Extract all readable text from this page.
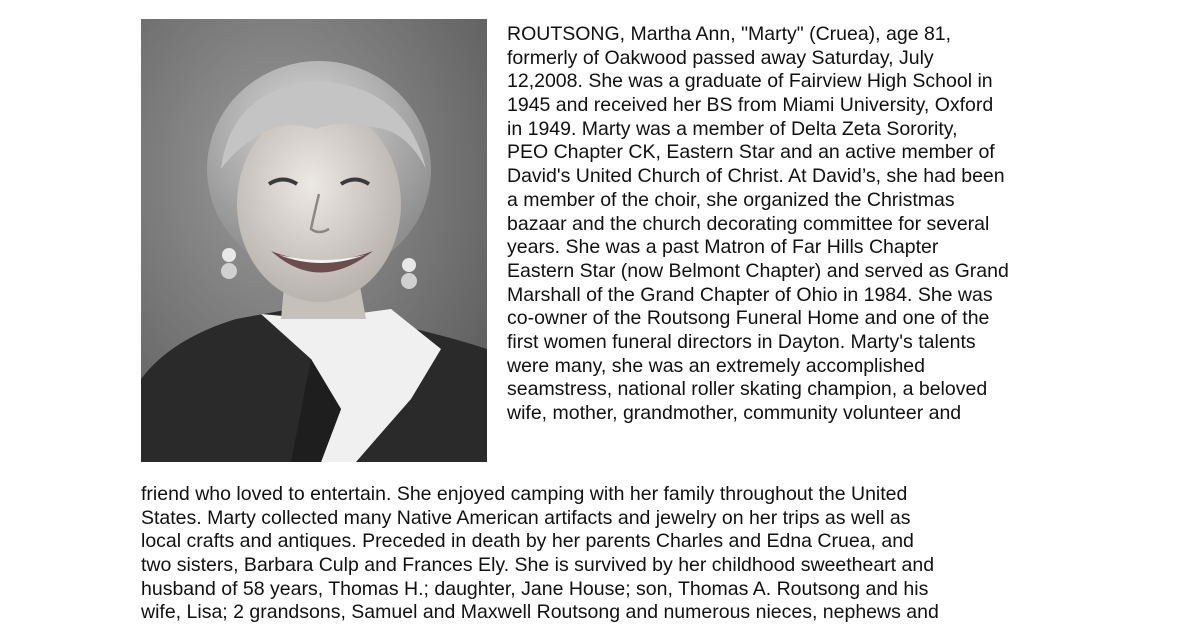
ROUTSONG, Martha Ann, "Marty" (Cruea), age 81,
formerly of Oakwood passed away Saturday, July
12,2008. She was a graduate of Fairview High School in
1945 and received her BS from Miami University, Oxford
in 1949. Marty was a member of Delta Zeta Sorority,
PEO Chapter CK, Eastern Star and an active member of
David's United Church of Christ. At David’s, she had been
a member of the choir, she organized the Christmas
bazaar and the church decorating committee for several
years. She was a past Matron of Far Hills Chapter
Eastern Star (now Belmont Chapter) and served as Grand
Marshall of the Grand Chapter of Ohio in 1984. She was
co-owner of the Routsong Funeral Home and one of the
first women funeral directors in Dayton. Marty's talents
were many, she was an extremely accomplished
seamstress, national roller skating champion, a beloved
wife, mother, grandmother, community volunteer and
friend who loved to entertain. She enjoyed camping with her family throughout the United
States. Marty collected many Native American artifacts and jewelry on her trips as well as
local crafts and antiques. Preceded in death by her parents Charles and Edna Cruea, and
two sisters, Barbara Culp and Frances Ely. She is survived by her childhood sweetheart and
husband of 58 years, Thomas H.; daughter, Jane House; son, Thomas A. Routsong and his
wife, Lisa; 2 grandsons, Samuel and Maxwell Routsong and numerous nieces, nephews and
